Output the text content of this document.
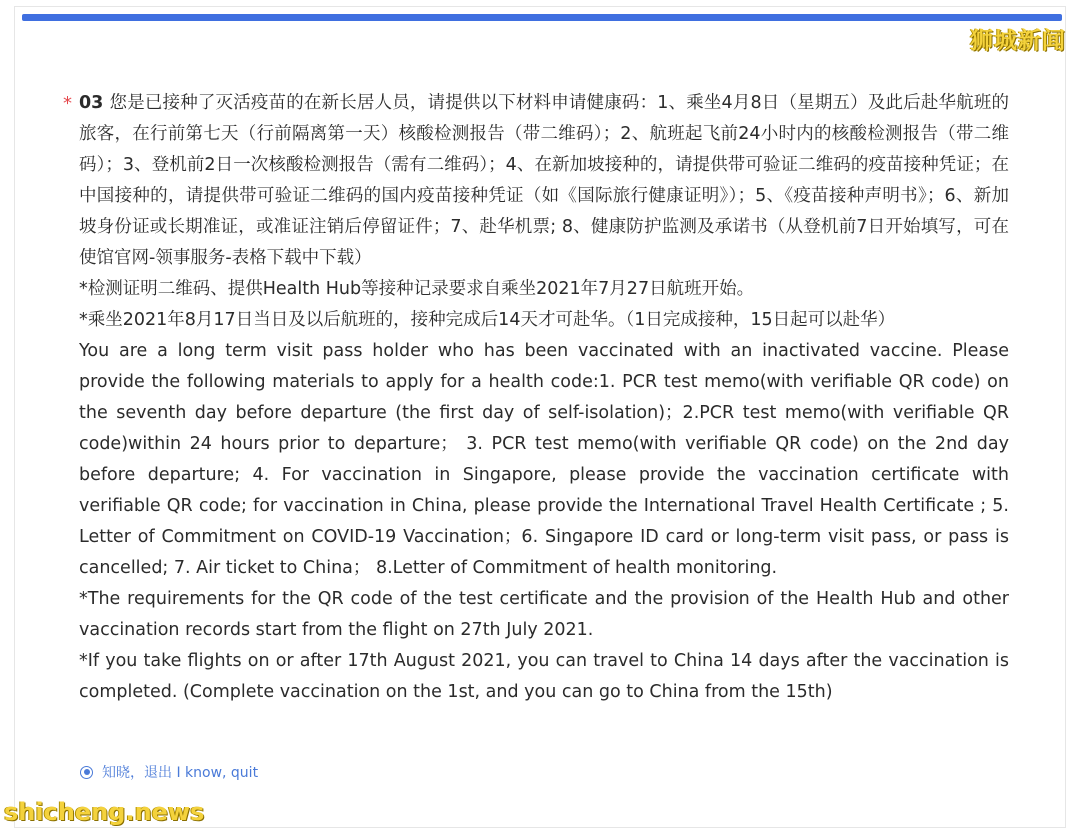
狮城新闻
* 03 您是已接种了灭活疫苗的在新长居人员，请提供以下材料申请健康码：1、乘坐4月8日（星期五）及此后赴华航班的旅客，在行前第七天（行前隔离第一天）核酸检测报告（带二维码）；2、航班起飞前24小时内的核酸检测报告（带二维码）；3、登机前2日一次核酸检测报告（需有二维码）；4、在新加坡接种的，请提供带可验证二维码的疫苗接种凭证；在中国接种的，请提供带可验证二维码的国内疫苗接种凭证（如《国际旅行健康证明》）；5、《疫苗接种声明书》；6、新加坡身份证或长期准证，或准证注销后停留证件；7、赴华机票; 8、健康防护监测及承诺书（从登机前7日开始填写，可在使馆官网-领事服务-表格下载中下载）

*检测证明二维码、提供Health Hub等接种记录要求自乘坐2021年7月27日航班开始。

*乘坐2021年8月17日当日及以后航班的，接种完成后14天才可赴华。（1日完成接种，15日起可以赴华）

You are a long term visit pass holder who has been vaccinated with an inactivated vaccine. Please provide the following materials to apply for a health code:1. PCR test memo(with verifiable QR code) on the seventh day before departure (the first day of self-isolation)；2.PCR test memo(with verifiable QR code)within 24 hours prior to departure； 3. PCR test memo(with verifiable QR code) on the 2nd day before departure; 4. For vaccination in Singapore, please provide the vaccination certificate with verifiable QR code; for vaccination in China, please provide the International Travel Health Certificate ; 5. Letter of Commitment on COVID-19 Vaccination；6. Singapore ID card or long-term visit pass, or pass is cancelled; 7. Air ticket to China； 8.Letter of Commitment of health monitoring.

*The requirements for the QR code of the test certificate and the provision of the Health Hub and other vaccination records start from the flight on 27th July 2021.

*If you take flights on or after 17th August 2021, you can travel to China 14 days after the vaccination is completed. (Complete vaccination on the 1st, and you can go to China from the 15th)

知晓，退出 I know, quit
shicheng.news
